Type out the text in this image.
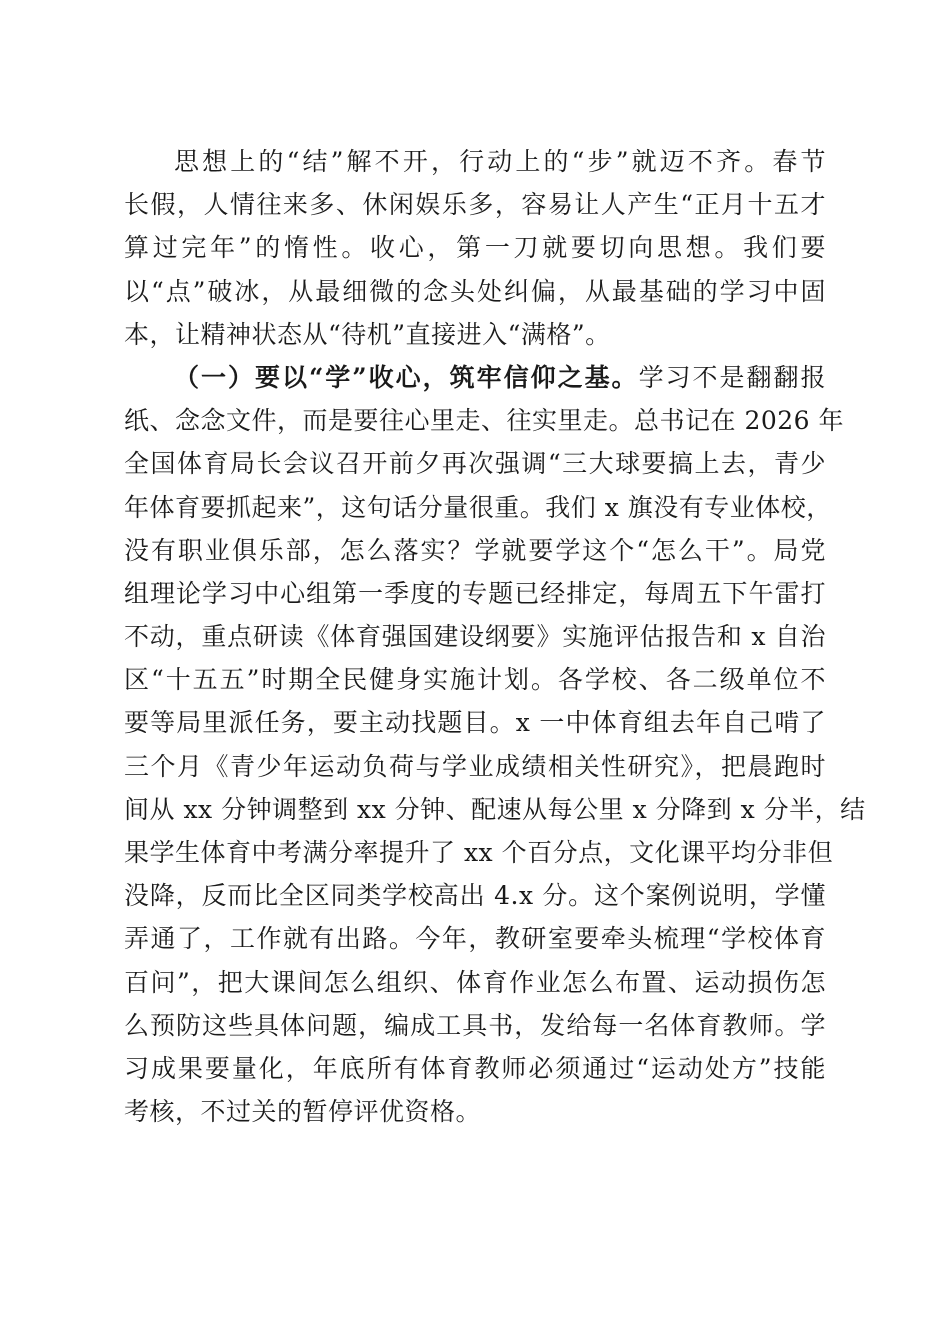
思想上的“结”解不开，行动上的“步”就迈不齐。春节
长假，人情往来多、休闲娱乐多，容易让人产生“正月十五才
算过完年”的惰性。收心，第一刀就要切向思想。我们要
以“点”破冰，从最细微的念头处纠偏，从最基础的学习中固
本，让精神状态从“待机”直接进入“满格”。
（一）要以“学”收心，筑牢信仰之基。学习不是翻翻报
纸、念念文件，而是要往心里走、往实里走。总书记在 2026 年
全国体育局长会议召开前夕再次强调“三大球要搞上去，青少
年体育要抓起来”，这句话分量很重。我们 x 旗没有专业体校，
没有职业俱乐部，怎么落实？学就要学这个“怎么干”。局党
组理论学习中心组第一季度的专题已经排定，每周五下午雷打
不动，重点研读《体育强国建设纲要》实施评估报告和 x 自治
区“十五五”时期全民健身实施计划。各学校、各二级单位不
要等局里派任务，要主动找题目。x 一中体育组去年自己啃了
三个月《青少年运动负荷与学业成绩相关性研究》，把晨跑时
间从 xx 分钟调整到 xx 分钟、配速从每公里 x 分降到 x 分半，结
果学生体育中考满分率提升了 xx 个百分点，文化课平均分非但
没降，反而比全区同类学校高出 4.x 分。这个案例说明，学懂
弄通了，工作就有出路。今年，教研室要牵头梳理“学校体育
百问”，把大课间怎么组织、体育作业怎么布置、运动损伤怎
么预防这些具体问题，编成工具书，发给每一名体育教师。学
习成果要量化，年底所有体育教师必须通过“运动处方”技能
考核，不过关的暂停评优资格。
